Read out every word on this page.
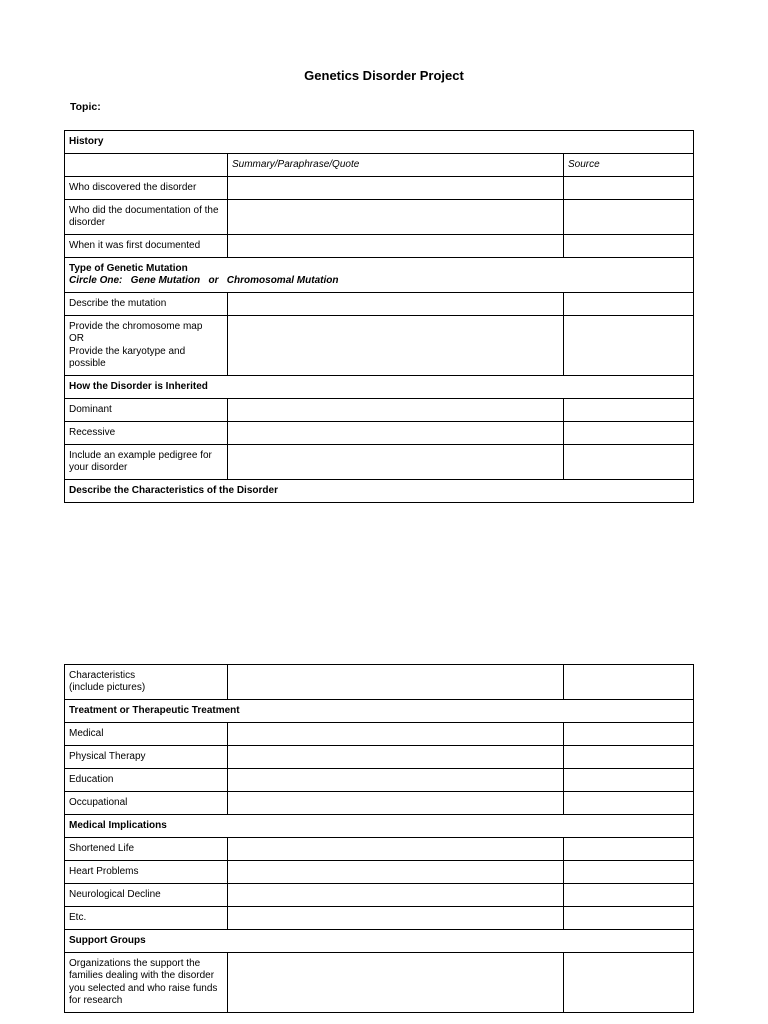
Genetics Disorder Project
Topic:
History		
	Summary/Paraphrase/Quote	Source
Who discovered the disorder		
Who did the documentation of the disorder		
When it was first documented		

Type of Genetic Mutation
Circle One:   Gene Mutation   or   Chromosomal Mutation		

Describe the mutation		
Provide the chromosome map
OR
Provide the karyotype and possible		
How the Disorder is Inherited		
Dominant		
Recessive		
Include an example pedigree for your disorder		
Describe the Characteristics of the Disorder		
Characteristics
(include pictures)		
Treatment or Therapeutic Treatment		
Medical		
Physical Therapy		
Education		
Occupational		
Medical Implications		
Shortened Life		
Heart Problems		
Neurological Decline		
Etc.		
Support Groups		
Organizations the support the families dealing with the disorder you selected and who raise funds for research		
